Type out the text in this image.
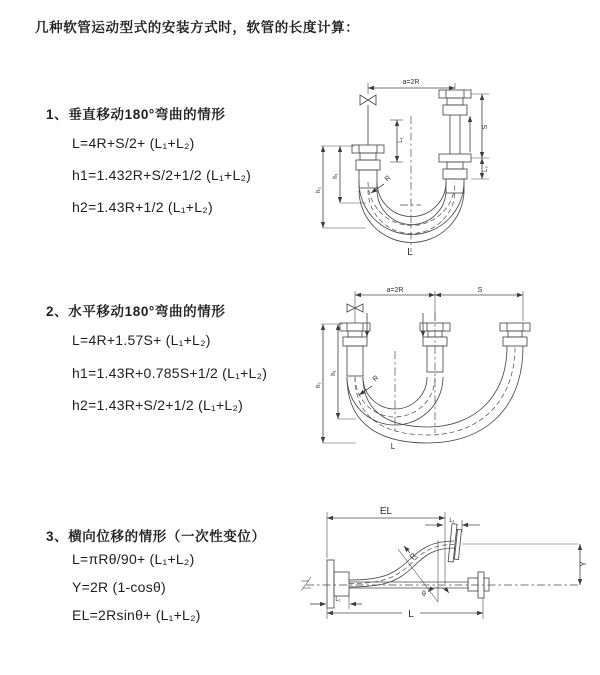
几种软管运动型式的安装方式时，软管的长度计算：
1、垂直移动180°弯曲的情形
L=4R+S/2+ (L₁+L₂)
h1=1.432R+S/2+1/2 (L₁+L₂)
h2=1.43R+1/2 (L₁+L₂)
a=2R
S
L₂
L₁
h₁
h₂
R
L
2、水平移动180°弯曲的情形
L=4R+1.57S+ (L₁+L₂)
h1=1.43R+0.785S+1/2 (L₁+L₂)
h2=1.43R+S/2+1/2 (L₁+L₂)
a=2R	S
h₁
h₂
R
L
3、横向位移的情形（一次性变位）
L=πRθ/90+ (L₁+L₂)
Y=2R (1-cosθ)
EL=2Rsinθ+ (L₁+L₂)
EL
L₁
Y
θ
R
L
L₁
